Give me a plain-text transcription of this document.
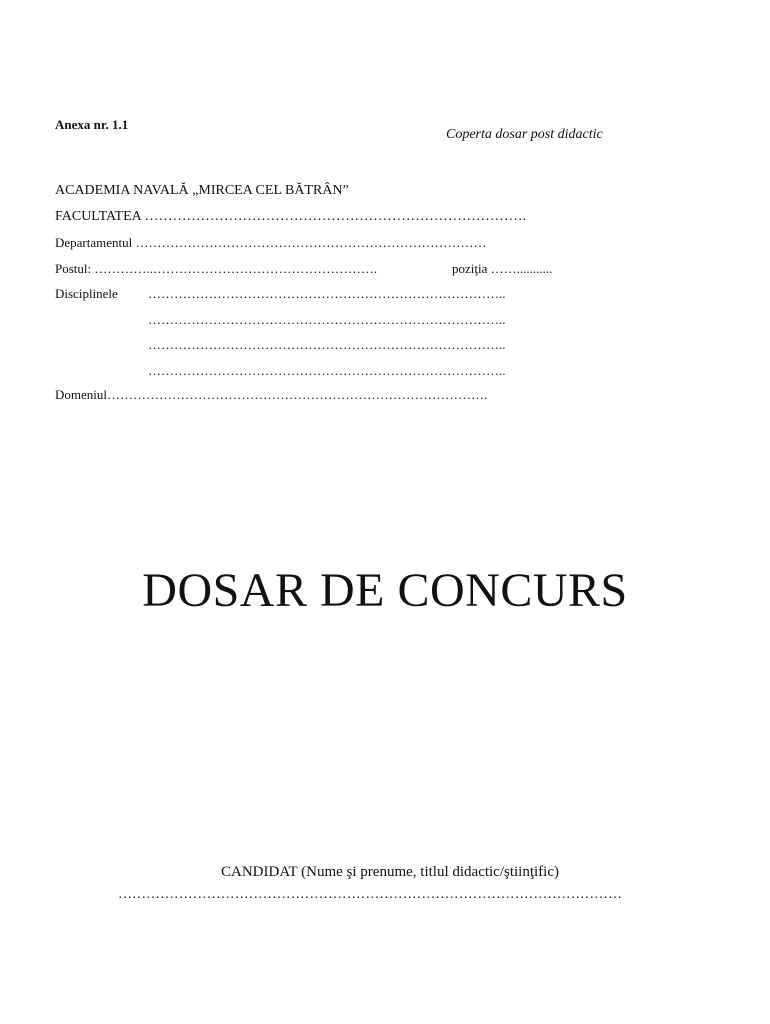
Anexa nr. 1.1
Coperta dosar post didactic
ACADEMIA NAVALĂ „MIRCEA CEL BĂTRÂN”
FACULTATEA ……………………………………………………………………….
Departamentul ………………………………………………………………………
Postul: …………..…………………………………………….	poziţia ……...........
Disciplinele ………………………………………………………………………..
………………………………………………………………………..
………………………………………………………………………..
………………………………………………………………………..
Domeniul…………………………………………………………………………….
DOSAR DE CONCURS
CANDIDAT (Nume şi prenume, titlul didactic/ştiinţific)
………………………………………………………………………………………………
